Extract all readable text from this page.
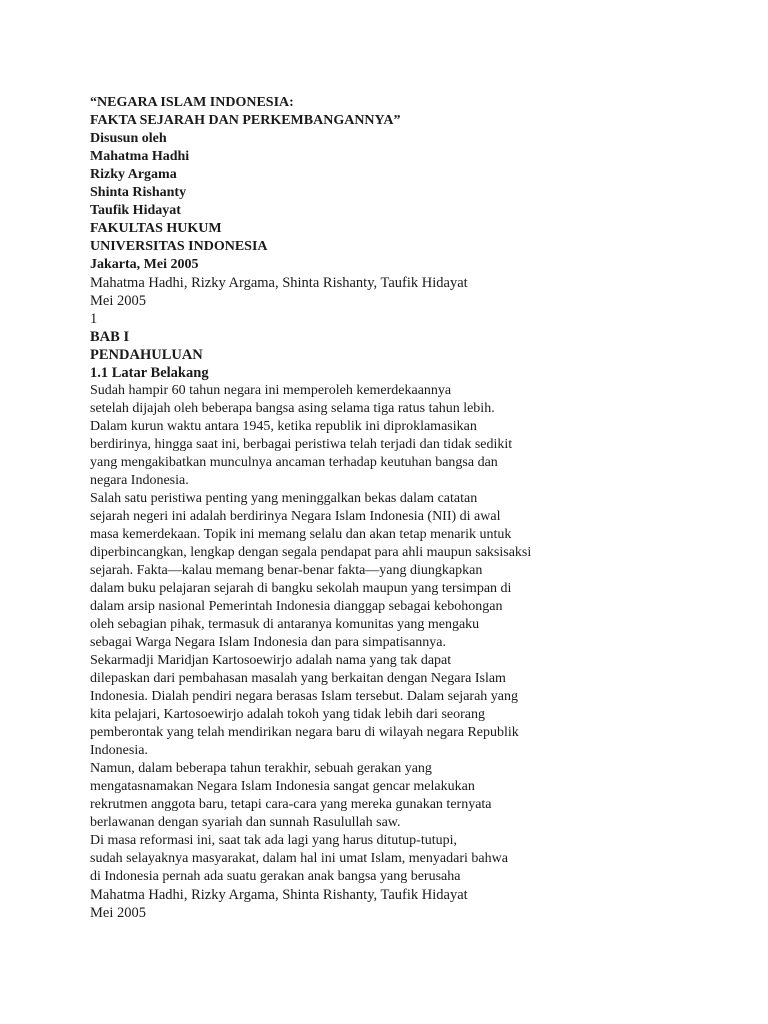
“NEGARA ISLAM INDONESIA:
FAKTA SEJARAH DAN PERKEMBANGANNYA”
Disusun oleh
Mahatma Hadhi
Rizky Argama
Shinta Rishanty
Taufik Hidayat
FAKULTAS HUKUM
UNIVERSITAS INDONESIA
Jakarta, Mei 2005
Mahatma Hadhi, Rizky Argama, Shinta Rishanty, Taufik Hidayat
Mei 2005
1
BAB I
PENDAHULUAN
1.1 Latar Belakang
Sudah hampir 60 tahun negara ini memperoleh kemerdekaannya
setelah dijajah oleh beberapa bangsa asing selama tiga ratus tahun lebih.
Dalam kurun waktu antara 1945, ketika republik ini diproklamasikan
berdirinya, hingga saat ini, berbagai peristiwa telah terjadi dan tidak sedikit
yang mengakibatkan munculnya ancaman terhadap keutuhan bangsa dan
negara Indonesia.
Salah satu peristiwa penting yang meninggalkan bekas dalam catatan
sejarah negeri ini adalah berdirinya Negara Islam Indonesia (NII) di awal
masa kemerdekaan. Topik ini memang selalu dan akan tetap menarik untuk
diperbincangkan, lengkap dengan segala pendapat para ahli maupun saksisaksi
sejarah. Fakta—kalau memang benar-benar fakta—yang diungkapkan
dalam buku pelajaran sejarah di bangku sekolah maupun yang tersimpan di
dalam arsip nasional Pemerintah Indonesia dianggap sebagai kebohongan
oleh sebagian pihak, termasuk di antaranya komunitas yang mengaku
sebagai Warga Negara Islam Indonesia dan para simpatisannya.
Sekarmadji Maridjan Kartosoewirjo adalah nama yang tak dapat
dilepaskan dari pembahasan masalah yang berkaitan dengan Negara Islam
Indonesia. Dialah pendiri negara berasas Islam tersebut. Dalam sejarah yang
kita pelajari, Kartosoewirjo adalah tokoh yang tidak lebih dari seorang
pemberontak yang telah mendirikan negara baru di wilayah negara Republik
Indonesia.
Namun, dalam beberapa tahun terakhir, sebuah gerakan yang
mengatasnamakan Negara Islam Indonesia sangat gencar melakukan
rekrutmen anggota baru, tetapi cara-cara yang mereka gunakan ternyata
berlawanan dengan syariah dan sunnah Rasulullah saw.
Di masa reformasi ini, saat tak ada lagi yang harus ditutup-tutupi,
sudah selayaknya masyarakat, dalam hal ini umat Islam, menyadari bahwa
di Indonesia pernah ada suatu gerakan anak bangsa yang berusaha
Mahatma Hadhi, Rizky Argama, Shinta Rishanty, Taufik Hidayat
Mei 2005
